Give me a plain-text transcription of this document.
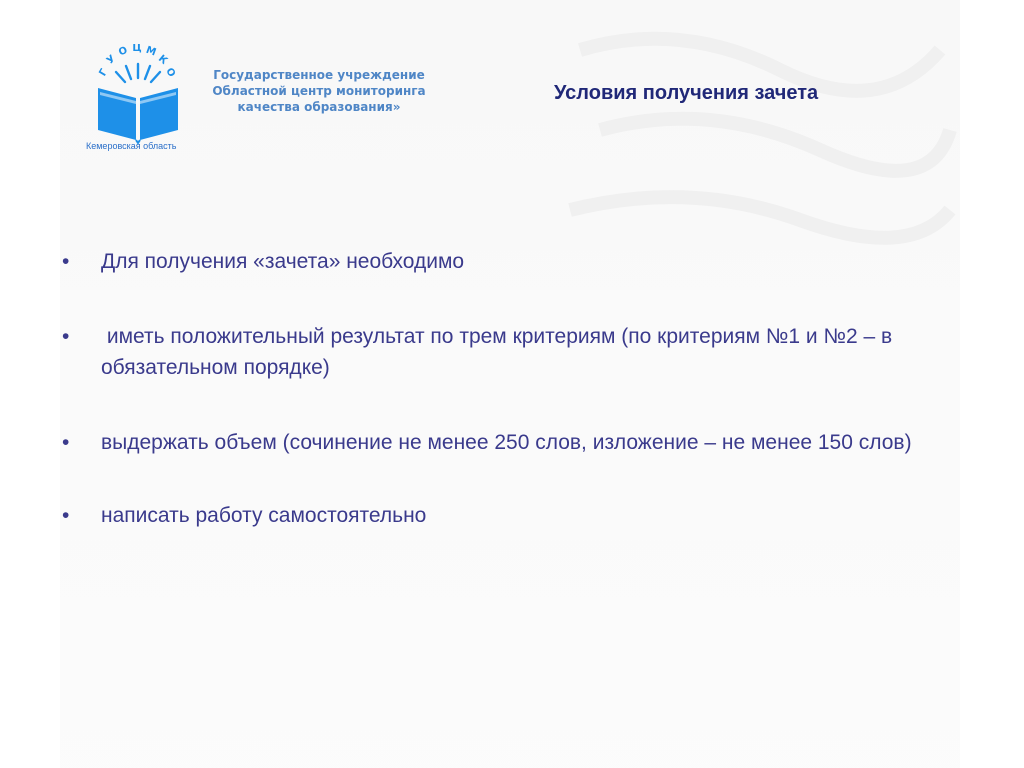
Г
У
О Ц М
К
О
Кемеровская область
Государственное учреждение
Областной центр мониторинга
качества образования»
Условия получения зачета
• Для получения «зачета» необходимо
• иметь положительный результат по трем критериям (по критериям №1 и №2 – в обязательном порядке)
• выдержать объем (сочинение не менее 250 слов, изложение – не менее 150 слов)
• написать работу самостоятельно
